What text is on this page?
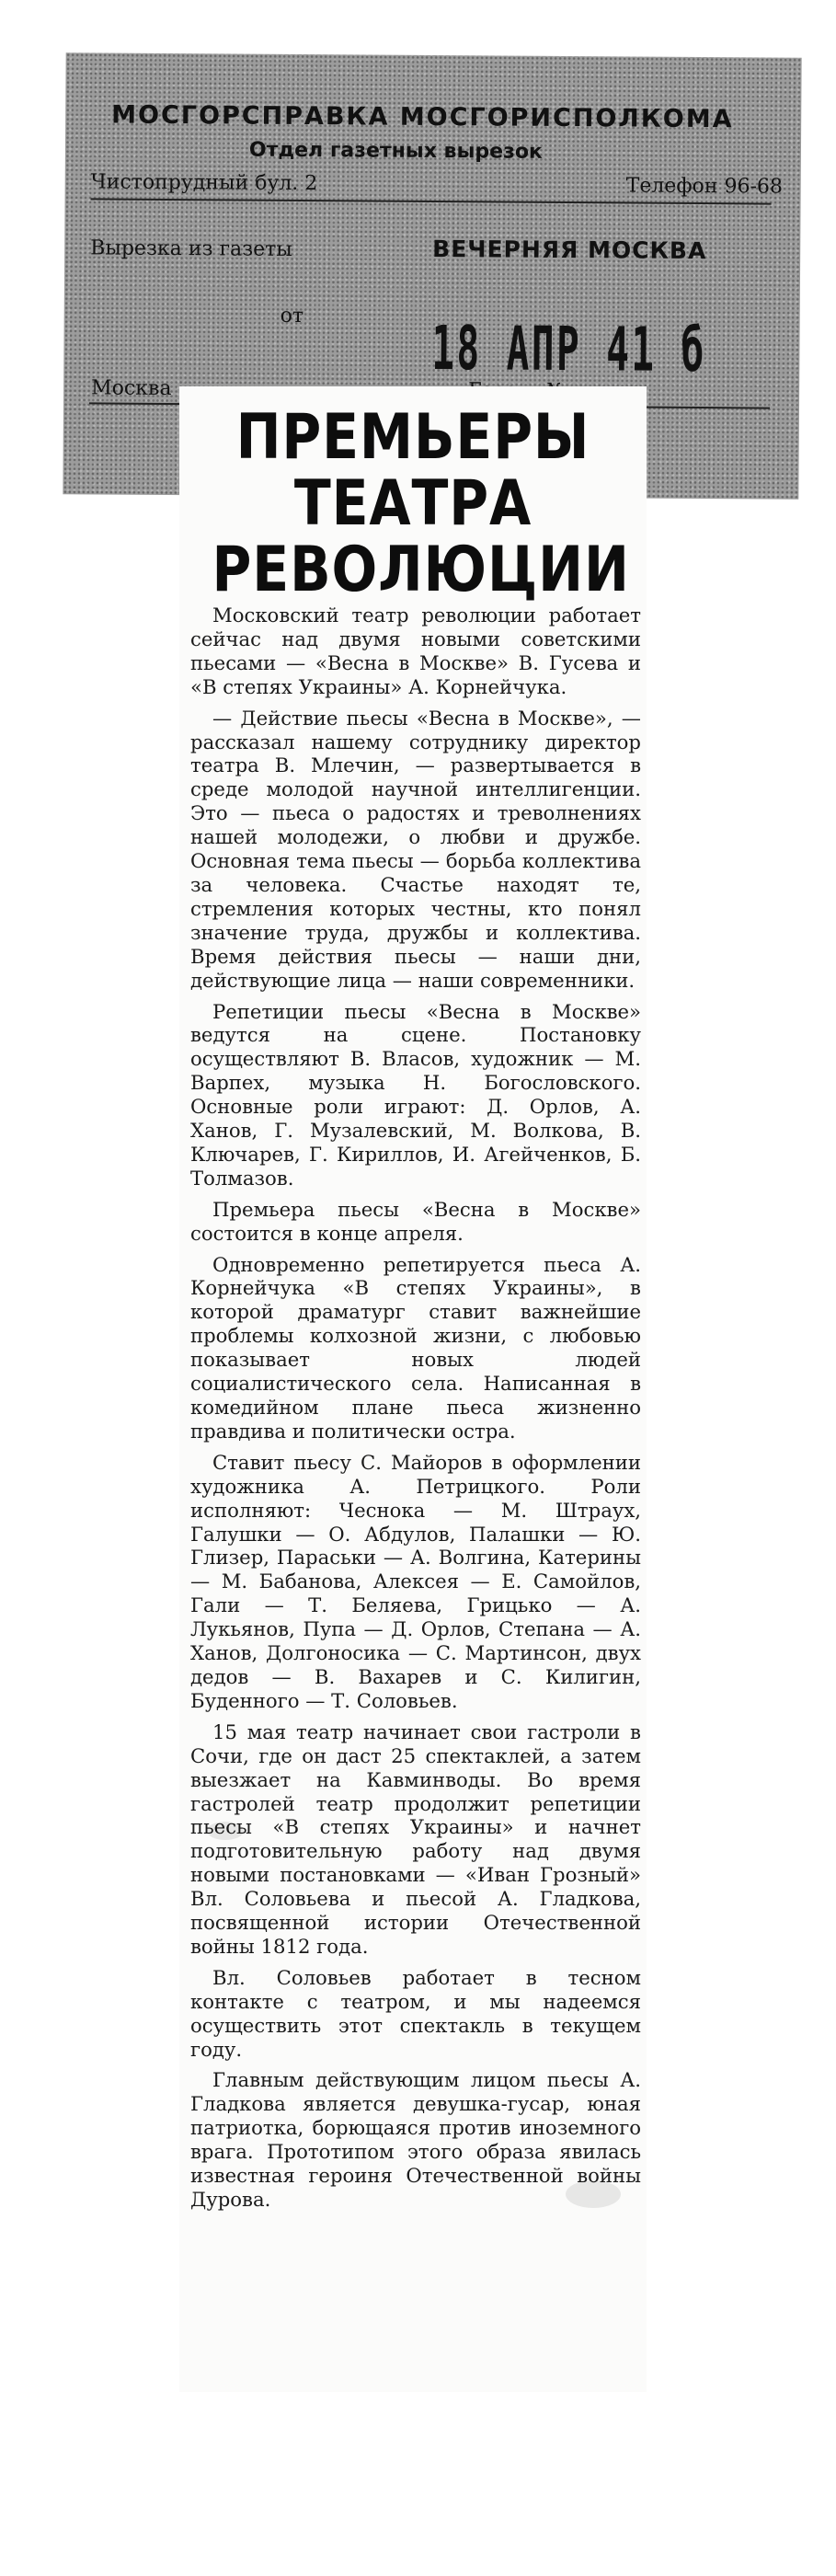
МОСГОРСПРАВКА МОСГОРИСПОЛКОМА
Отдел газетных вырезок
Чистопрудный бул. 2	Телефон 96-68
Вырезка из газеты	ВЕЧЕРНЯЯ МОСКВА
от 18 АПР 41 б
Москва
ПРЕМЬЕРЫ
ТЕАТРА
РЕВОЛЮЦИИ

Московский театр революции работает сейчас над двумя новыми советскими пьесами — «Весна в Москве» В. Гусева и «В степях Украины» А. Корнейчука.

— Действие пьесы «Весна в Москве», — рассказал нашему сотруднику директор театра В. Млечин, — развертывается в среде молодой научной интеллигенции. Это — пьеса о радостях и треволнениях нашей молодежи, о любви и дружбе. Основная тема пьесы — борьба коллектива за человека. Счастье находят те, стремления которых честны, кто понял значение труда, дружбы и коллектива. Время действия пьесы — наши дни, действующие лица — наши современники.

Репетиции пьесы «Весна в Москве» ведутся на сцене. Постановку осуществляют В. Власов, художник — М. Варпех, музыка Н. Богословского. Основные роли играют: Д. Орлов, А. Ханов, Г. Музалевский, М. Волкова, В. Ключарев, Г. Кириллов, И. Агейченков, Б. Толмазов.

Премьера пьесы «Весна в Москве» состоится в конце апреля.

Одновременно репетируется пьеса А. Корнейчука «В степях Украины», в которой драматург ставит важнейшие проблемы колхозной жизни, с любовью показывает новых людей социалистического села. Написанная в комедийном плане пьеса жизненно правдива и политически остра.

Ставит пьесу С. Майоров в оформлении художника А. Петрицкого. Роли исполняют: Чеснока — М. Штраух, Галушки — О. Абдулов, Палашки — Ю. Глизер, Параськи — А. Волгина, Катерины — М. Бабанова, Алексея — Е. Самойлов, Гали — Т. Беляева, Грицько — А. Лукьянов, Пупа — Д. Орлов, Степана — А. Ханов, Долгоносика — С. Мартинсон, двух дедов — В. Вахарев и С. Килигин, Буденного — Т. Соловьев.

15 мая театр начинает свои гастроли в Сочи, где он даст 25 спектаклей, а затем выезжает на Кавминводы. Во время гастролей театр продолжит репетиции пьесы «В степях Украины» и начнет подготовительную работу над двумя новыми постановками — «Иван Грозный» Вл. Соловьева и пьесой А. Гладкова, посвященной истории Отечественной войны 1812 года.

Вл. Соловьев работает в тесном контакте с театром, и мы надеемся осуществить этот спектакль в текущем году.

Главным действующим лицом пьесы А. Гладкова является девушка-гусар, юная патриотка, борющаяся против иноземного врага. Прототипом этого образа явилась известная героиня Отечественной войны Дурова.
